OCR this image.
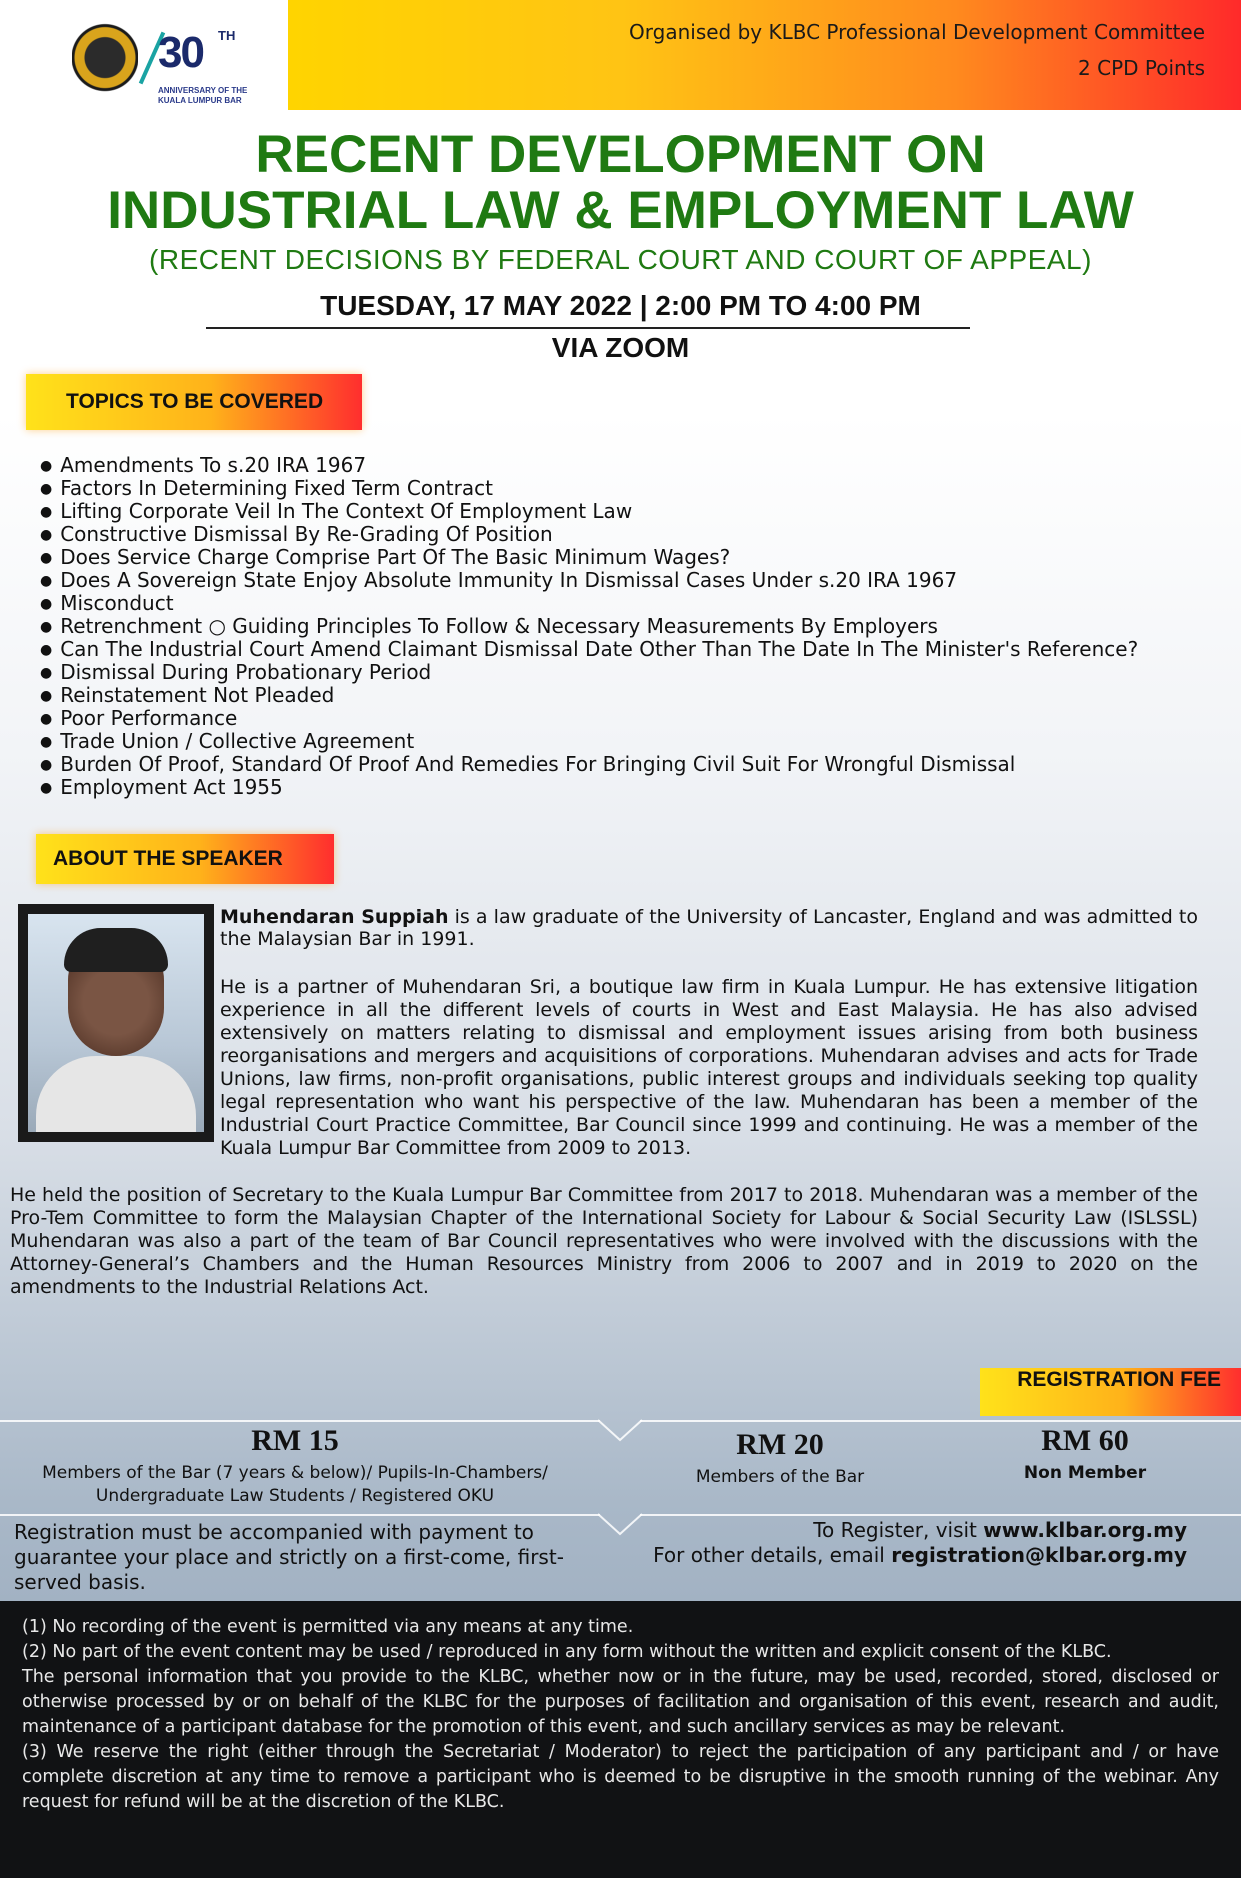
30 TH
ANNIVERSARY OF THE KUALA LUMPUR BAR
Organised by KLBC Professional Development Committee
2 CPD Points
RECENT DEVELOPMENT ON
INDUSTRIAL LAW & EMPLOYMENT LAW
(RECENT DECISIONS BY FEDERAL COURT AND COURT OF APPEAL)
TUESDAY, 17 MAY 2022 | 2:00 PM TO 4:00 PM
VIA ZOOM
TOPICS TO BE COVERED
● Amendments To s.20 IRA 1967
● Factors In Determining Fixed Term Contract
● Lifting Corporate Veil In The Context Of Employment Law
● Constructive Dismissal By Re-Grading Of Position
● Does Service Charge Comprise Part Of The Basic Minimum Wages?
● Does A Sovereign State Enjoy Absolute Immunity In Dismissal Cases Under s.20 IRA 1967
● Misconduct
● Retrenchment ○ Guiding Principles To Follow & Necessary Measurements By Employers
● Can The Industrial Court Amend Claimant Dismissal Date Other Than The Date In The Minister's Reference?
● Dismissal During Probationary Period
● Reinstatement Not Pleaded
● Poor Performance
● Trade Union / Collective Agreement
● Burden Of Proof, Standard Of Proof And Remedies For Bringing Civil Suit For Wrongful Dismissal
● Employment Act 1955
ABOUT THE SPEAKER
Muhendaran Suppiah is a law graduate of the University of Lancaster, England and was admitted to the Malaysian Bar in 1991.
He is a partner of Muhendaran Sri, a boutique law firm in Kuala Lumpur. He has extensive litigation experience in all the different levels of courts in West and East Malaysia. He has also advised extensively on matters relating to dismissal and employment issues arising from both business reorganisations and mergers and acquisitions of corporations. Muhendaran advises and acts for Trade Unions, law firms, non-profit organisations, public interest groups and individuals seeking top quality legal representation who want his perspective of the law. Muhendaran has been a member of the Industrial Court Practice Committee, Bar Council since 1999 and continuing. He was a member of the Kuala Lumpur Bar Committee from 2009 to 2013.
He held the position of Secretary to the Kuala Lumpur Bar Committee from 2017 to 2018. Muhendaran was a member of the Pro-Tem Committee to form the Malaysian Chapter of the International Society for Labour & Social Security Law (ISLSSL) Muhendaran was also a part of the team of Bar Council representatives who were involved with the discussions with the Attorney-General’s Chambers and the Human Resources Ministry from 2006 to 2007 and in 2019 to 2020 on the amendments to the Industrial Relations Act.
REGISTRATION FEE
RM 15
Members of the Bar (7 years & below)/ Pupils-In-Chambers/ Undergraduate Law Students / Registered OKU
RM 20
Members of the Bar
RM 60
Non Member
Registration must be accompanied with payment to guarantee your place and strictly on a first-come, first-served basis.
To Register, visit www.klbar.org.my
For other details, email registration@klbar.org.my

(1) No recording of the event is permitted via any means at any time.

(2) No part of the event content may be used / reproduced in any form without the written and explicit consent of the KLBC.

The personal information that you provide to the KLBC, whether now or in the future, may be used, recorded, stored, disclosed or otherwise processed by or on behalf of the KLBC for the purposes of facilitation and organisation of this event, research and audit, maintenance of a participant database for the promotion of this event, and such ancillary services as may be relevant.

(3) We reserve the right (either through the Secretariat / Moderator) to reject the participation of any participant and / or have complete discretion at any time to remove a participant who is deemed to be disruptive in the smooth running of the webinar. Any request for refund will be at the discretion of the KLBC.
